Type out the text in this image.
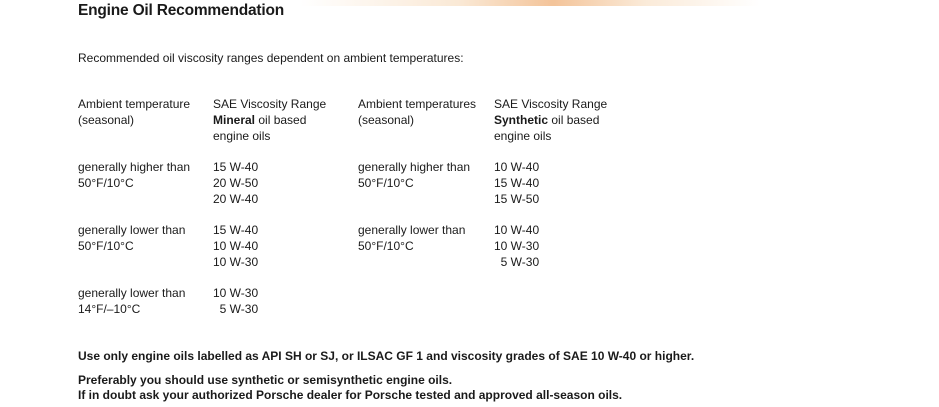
Engine Oil Recommendation
Recommended oil viscosity ranges dependent on ambient temperatures:
Ambient temperature
(seasonal)
generally higher than
50°F/10°C
generally lower than
50°F/10°C
generally lower than
14°F/–10°C
SAE Viscosity Range
Mineral oil based
engine oils
15 W-40
20 W-50
20 W-40
15 W-40
10 W-40
10 W-30
10 W-30
5 W-30
Ambient temperatures
(seasonal)
generally higher than
50°F/10°C
generally lower than
50°F/10°C
SAE Viscosity Range
Synthetic oil based
engine oils
10 W-40
15 W-40
15 W-50
10 W-40
10 W-30
5 W-30
Use only engine oils labelled as API SH or SJ, or ILSAC GF 1 and viscosity grades of SAE 10 W-40 or higher.
Preferably you should use synthetic or semisynthetic engine oils.
If in doubt ask your authorized Porsche dealer for Porsche tested and approved all-season oils.
